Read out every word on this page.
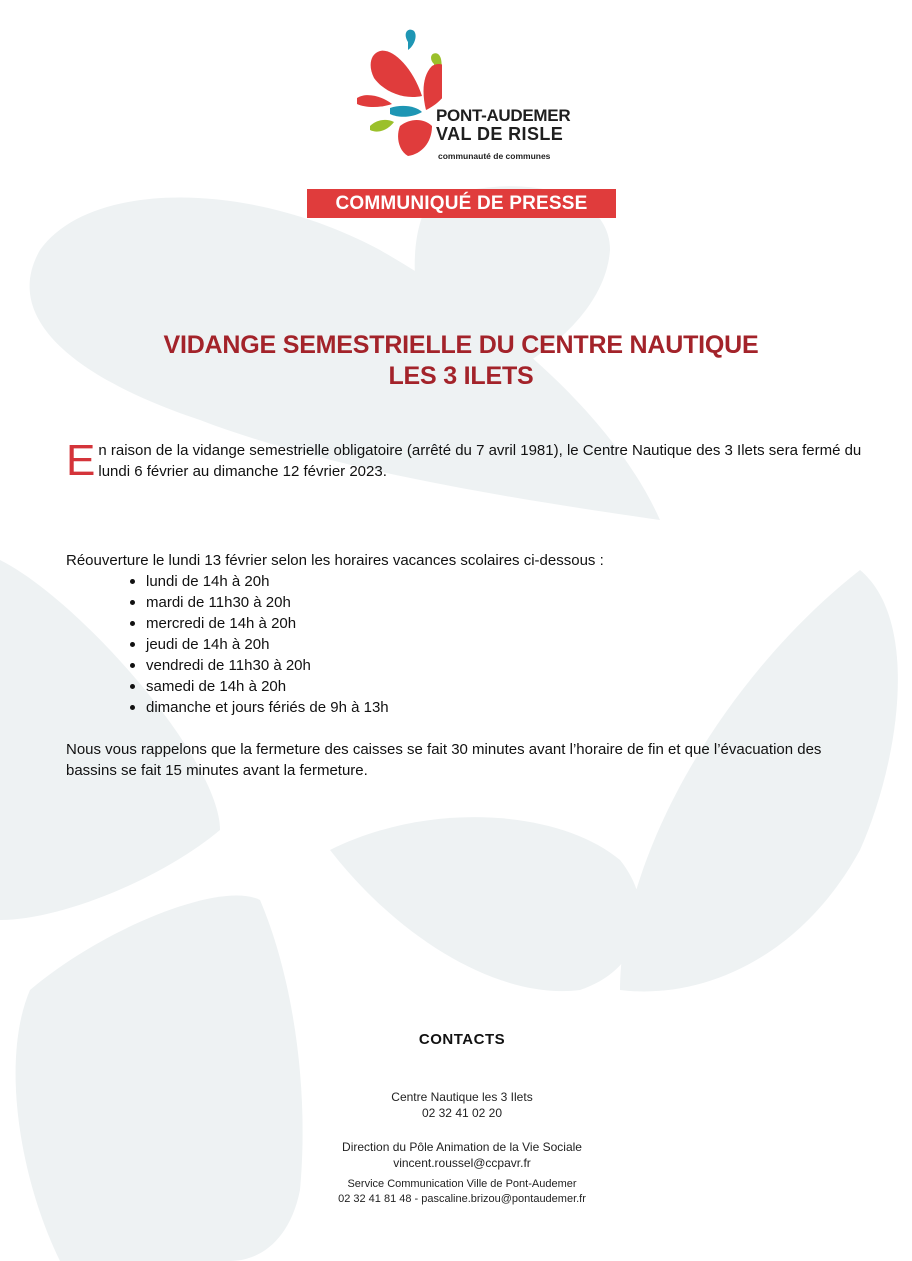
PONT-AUDEMER
VAL DE RISLE
communauté de communes
COMMUNIQUÉ DE PRESSE
VIDANGE SEMESTRIELLE DU CENTRE NAUTIQUE
LES 3 ILETS
En raison de la vidange semestrielle obligatoire (arrêté du 7 avril 1981), le Centre Nautique des 3 Ilets sera fermé du lundi 6 février au dimanche 12 février 2023.
Réouverture le lundi 13 février selon les horaires vacances scolaires ci-dessous :
lundi de 14h à 20h
mardi de 11h30 à 20h
mercredi de 14h à 20h
jeudi de 14h à 20h
vendredi de 11h30 à 20h
samedi de 14h à 20h
dimanche et jours fériés de 9h à 13h
Nous vous rappelons que la fermeture des caisses se fait 30 minutes avant l’horaire de fin et que l’évacuation des bassins se fait 15 minutes avant la fermeture.
CONTACTS
Centre Nautique les 3 Ilets
02 32 41 02 20
Direction du Pôle Animation de la Vie Sociale
vincent.roussel@ccpavr.fr
Service Communication Ville de Pont-Audemer
02 32 41 81 48 - pascaline.brizou@pontaudemer.fr
